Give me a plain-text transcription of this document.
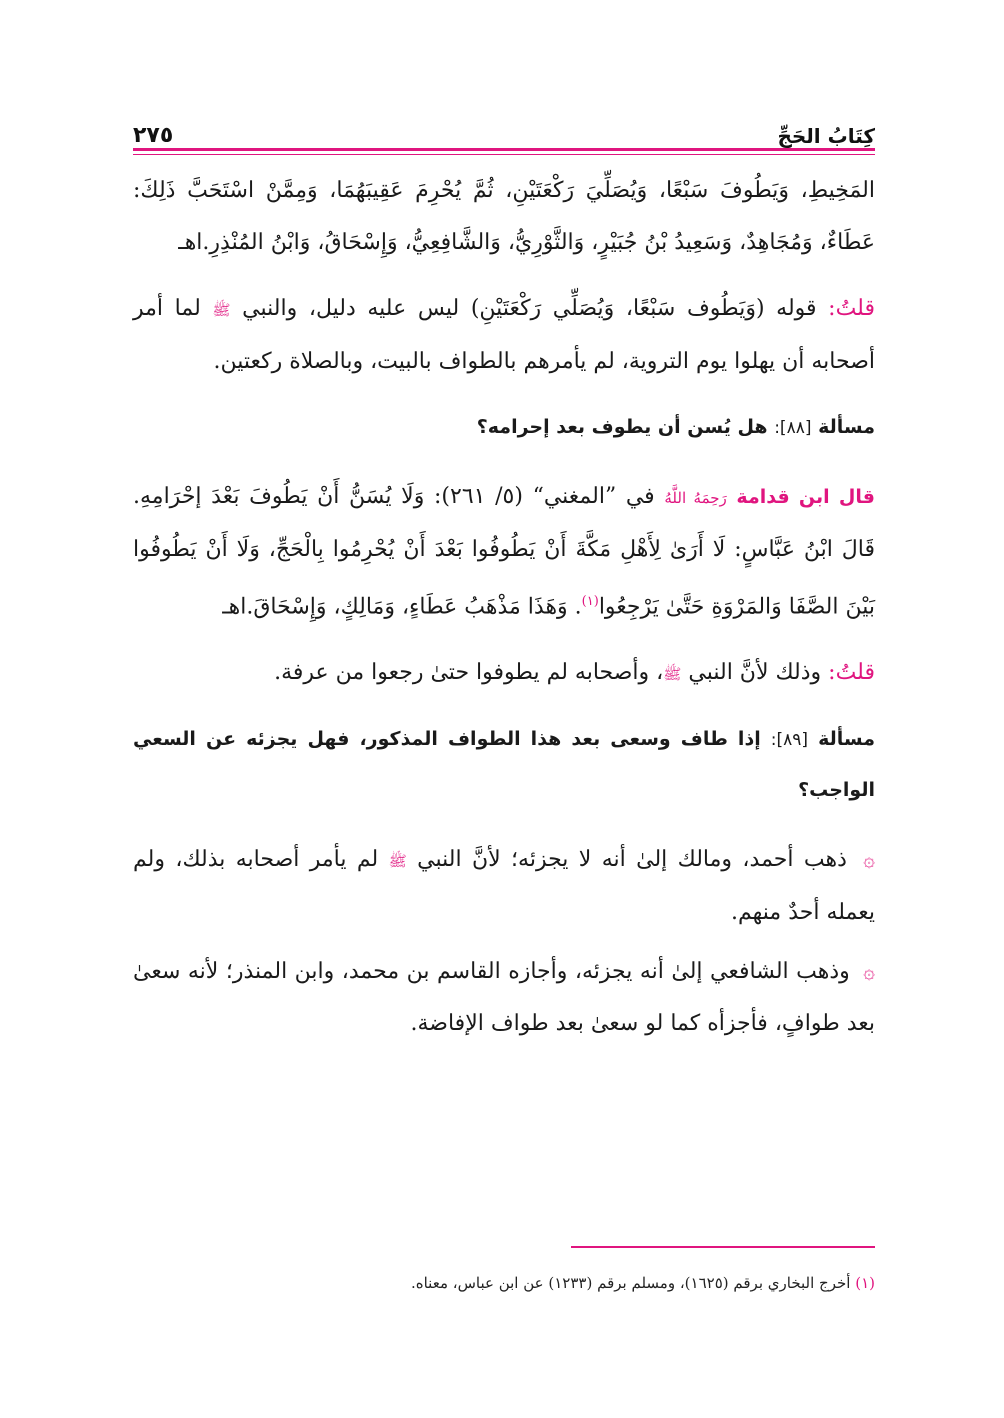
كِتَابُ الحَجِّ
٢٧٥

المَخِيطِ، وَيَطُوفَ سَبْعًا، وَيُصَلِّيَ رَكْعَتَيْنِ، ثُمَّ يُحْرِمَ عَقِيبَهُمَا، وَمِمَّنْ اسْتَحَبَّ ذَلِكَ: عَطَاءٌ، وَمُجَاهِدٌ، وَسَعِيدُ بْنُ جُبَيْرٍ، وَالثَّوْرِيُّ، وَالشَّافِعِيُّ، وَإِسْحَاقُ، وَابْنُ المُنْذِرِ.اهـ

قلتُ: قوله (وَيَطُوف سَبْعًا، وَيُصَلِّي رَكْعَتَيْنِ) ليس عليه دليل، والنبي ﷺ لما أمر أصحابه أن يهلوا يوم التروية، لم يأمرهم بالطواف بالبيت، وبالصلاة ركعتين.

مسألة [٨٨]: هل يُسن أن يطوف بعد إحرامه؟

قال ابن قدامة رَحِمَهُ اللَّهُ في ”المغني“ (٥/ ٢٦١): وَلَا يُسَنُّ أَنْ يَطُوفَ بَعْدَ إحْرَامِهِ. قَالَ ابْنُ عَبَّاسٍ: لَا أَرَىٰ لِأَهْلِ مَكَّةَ أَنْ يَطُوفُوا بَعْدَ أَنْ يُحْرِمُوا بِالْحَجِّ، وَلَا أَنْ يَطُوفُوا بَيْنَ الصَّفَا وَالمَرْوَةِ حَتَّىٰ يَرْجِعُوا$^{(١)}$. وَهَذَا مَذْهَبُ عَطَاءٍ، وَمَالِكٍ، وَإِسْحَاقَ.اهـ

قلتُ: وذلك لأنَّ النبي ﷺ، وأصحابه لم يطوفوا حتىٰ رجعوا من عرفة.

مسألة [٨٩]: إذا طاف وسعى بعد هذا الطواف المذكور، فهل يجزئه عن السعي الواجب؟

۞ ذهب أحمد، ومالك إلىٰ أنه لا يجزئه؛ لأنَّ النبي ﷺ لم يأمر أصحابه بذلك، ولم يعمله أحدٌ منهم.

۞ وذهب الشافعي إلىٰ أنه يجزئه، وأجازه القاسم بن محمد، وابن المنذر؛ لأنه سعىٰ بعد طوافٍ، فأجزأه كما لو سعىٰ بعد طواف الإفاضة.

(١) أخرج البخاري برقم (١٦٢٥)، ومسلم برقم (١٢٣٣) عن ابن عباس، معناه.
